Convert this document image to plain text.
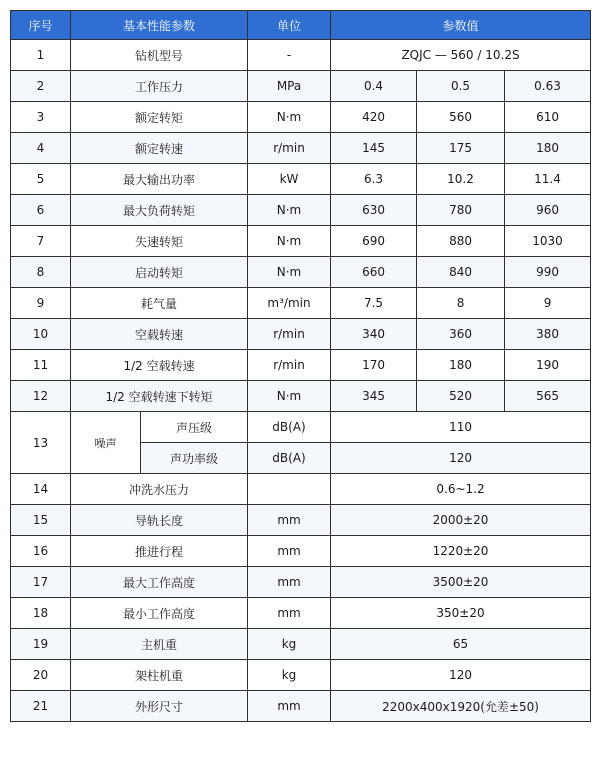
序号	基本性能参数		单位	参数值		
1	钻机型号		-	ZQJC — 560 / 10.2S		
2	工作压力		MPa	0.4	0.5	0.63
3	额定转矩		N·m	420	560	610
4	额定转速		r/min	145	175	180
5	最大输出功率		kW	6.3	10.2	11.4
6	最大负荷转矩		N·m	630	780	960
7	失速转矩		N·m	690	880	1030
8	启动转矩		N·m	660	840	990
9	耗气量		m³/min	7.5	8	9
10	空载转速		r/min	340	360	380
11	1/2 空载转速		r/min	170	180	190
12	1/2 空载转速下转矩		N·m	345	520	565
13	噪声	声压级	dB(A)	110		
		声功率级	dB(A)	120		
14	冲洗水压力			0.6~1.2		
15	导轨长度		mm	2000±20		
16	推进行程		mm	1220±20		
17	最大工作高度		mm	3500±20		
18	最小工作高度		mm	350±20		
19	主机重		kg	65		
20	架柱机重		kg	120		
21	外形尺寸		mm	2200x400x1920(允差±50)		
